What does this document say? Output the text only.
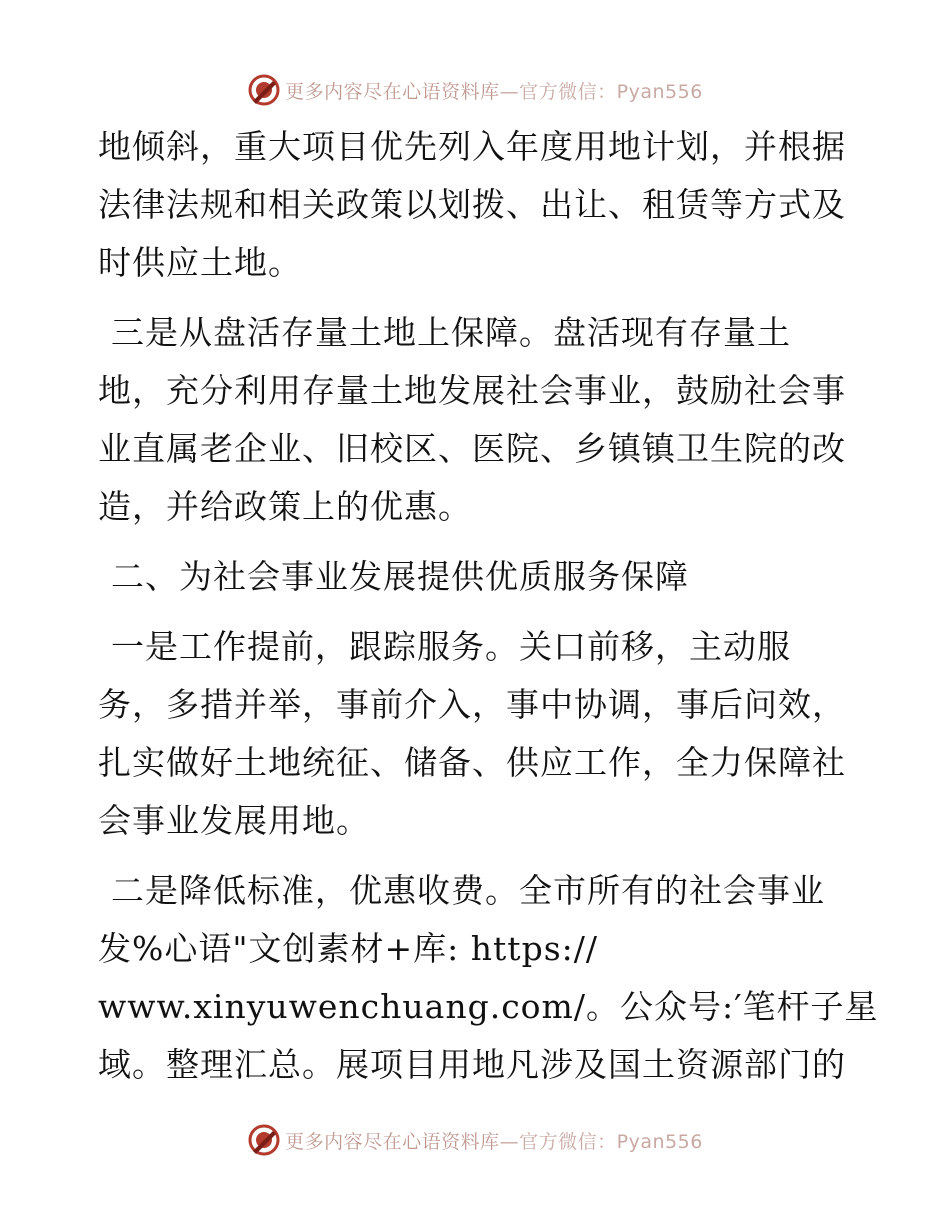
更多内容尽在心语资料库—官方微信：Pyan556
地倾斜，重大项目优先列入年度用地计划，并根据
法律法规和相关政策以划拨、出让、租赁等方式及
时供应土地。
三是从盘活存量土地上保障。盘活现有存量土
地，充分利用存量土地发展社会事业，鼓励社会事
业直属老企业、旧校区、医院、乡镇镇卫生院的改
造，并给政策上的优惠。
二、为社会事业发展提供优质服务保障
一是工作提前，跟踪服务。关口前移，主动服
务，多措并举，事前介入，事中协调，事后问效，
扎实做好土地统征、储备、供应工作，全力保障社
会事业发展用地。
二是降低标准，优惠收费。全市所有的社会事业
发%心语"文创素材+库: https://
www.xinyuwenchuang.com/。公众号:′笔杆子星
域。整理汇总。展项目用地凡涉及国土资源部门的
更多内容尽在心语资料库—官方微信：Pyan556
